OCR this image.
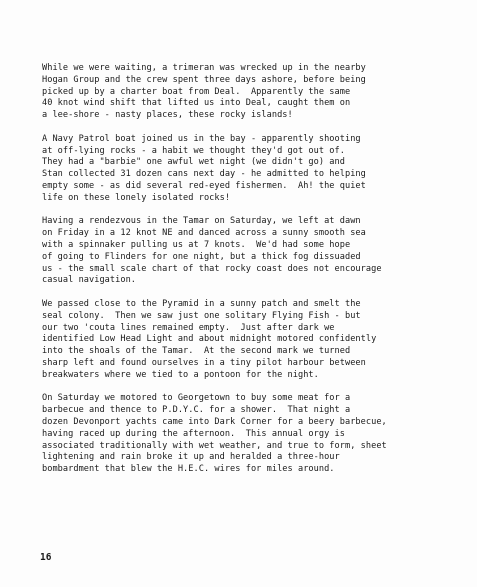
While we were waiting, a trimeran was wrecked up in the nearby
Hogan Group and the crew spent three days ashore, before being
picked up by a charter boat from Deal.  Apparently the same
40 knot wind shift that lifted us into Deal, caught them on
a lee-shore - nasty places, these rocky islands!
A Navy Patrol boat joined us in the bay - apparently shooting
at off-lying rocks - a habit we thought they'd got out of.
They had a "barbie" one awful wet night (we didn't go) and
Stan collected 31 dozen cans next day - he admitted to helping
empty some - as did several red-eyed fishermen.  Ah! the quiet
life on these lonely isolated rocks!
Having a rendezvous in the Tamar on Saturday, we left at dawn
on Friday in a 12 knot NE and danced across a sunny smooth sea
with a spinnaker pulling us at 7 knots.  We'd had some hope
of going to Flinders for one night, but a thick fog dissuaded
us - the small scale chart of that rocky coast does not encourage
casual navigation.
We passed close to the Pyramid in a sunny patch and smelt the
seal colony.  Then we saw just one solitary Flying Fish - but
our two 'couta lines remained empty.  Just after dark we
identified Low Head Light and about midnight motored confidently
into the shoals of the Tamar.  At the second mark we turned
sharp left and found ourselves in a tiny pilot harbour between
breakwaters where we tied to a pontoon for the night.
On Saturday we motored to Georgetown to buy some meat for a
barbecue and thence to P.D.Y.C. for a shower.  That night a
dozen Devonport yachts came into Dark Corner for a beery barbecue,
having raced up during the afternoon.  This annual orgy is
associated traditionally with wet weather, and true to form, sheet
lightening and rain broke it up and heralded a three-hour
bombardment that blew the H.E.C. wires for miles around.
16
